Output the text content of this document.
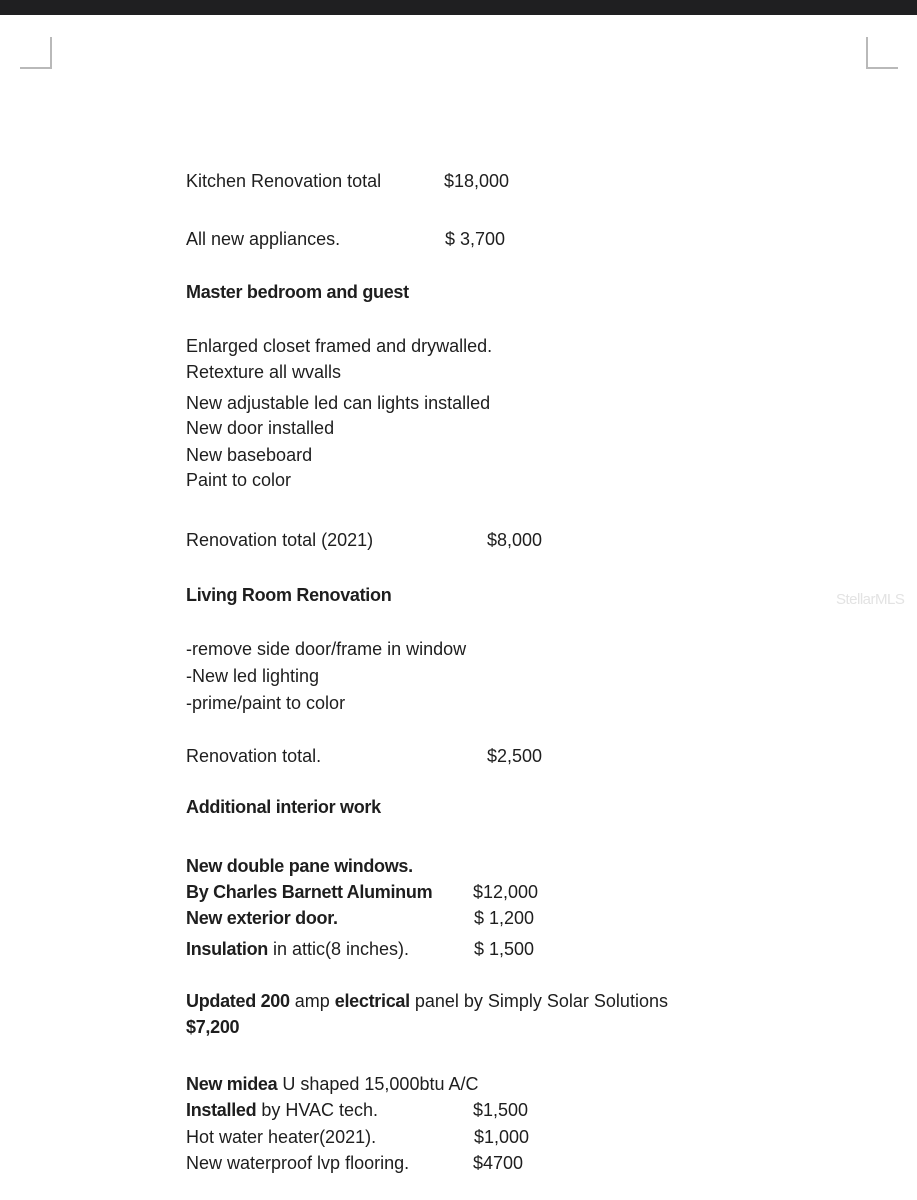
StellarMLS
Kitchen Renovation total	$18,000
All new appliances.	$ 3,700
Master bedroom and guest
Enlarged closet framed and drywalled.
Retexture all wvalls
New adjustable led can lights installed
New door installed
New baseboard
Paint to color
Renovation total (2021)	$8,000
Living Room Renovation
-remove side door/frame in window
-New led lighting
-prime/paint to color
Renovation total.	$2,500
Additional interior work
New double pane windows.
By Charles Barnett Aluminum $12,000
New exterior door.	$ 1,200
Insulation in attic(8 inches).	$ 1,500
Updated 200 amp electrical panel by Simply Solar Solutions
$7,200
New midea U shaped 15,000btu A/C
Installed by HVAC tech.	$1,500
Hot water heater(2021).	$1,000
New waterproof lvp flooring.	$4700
